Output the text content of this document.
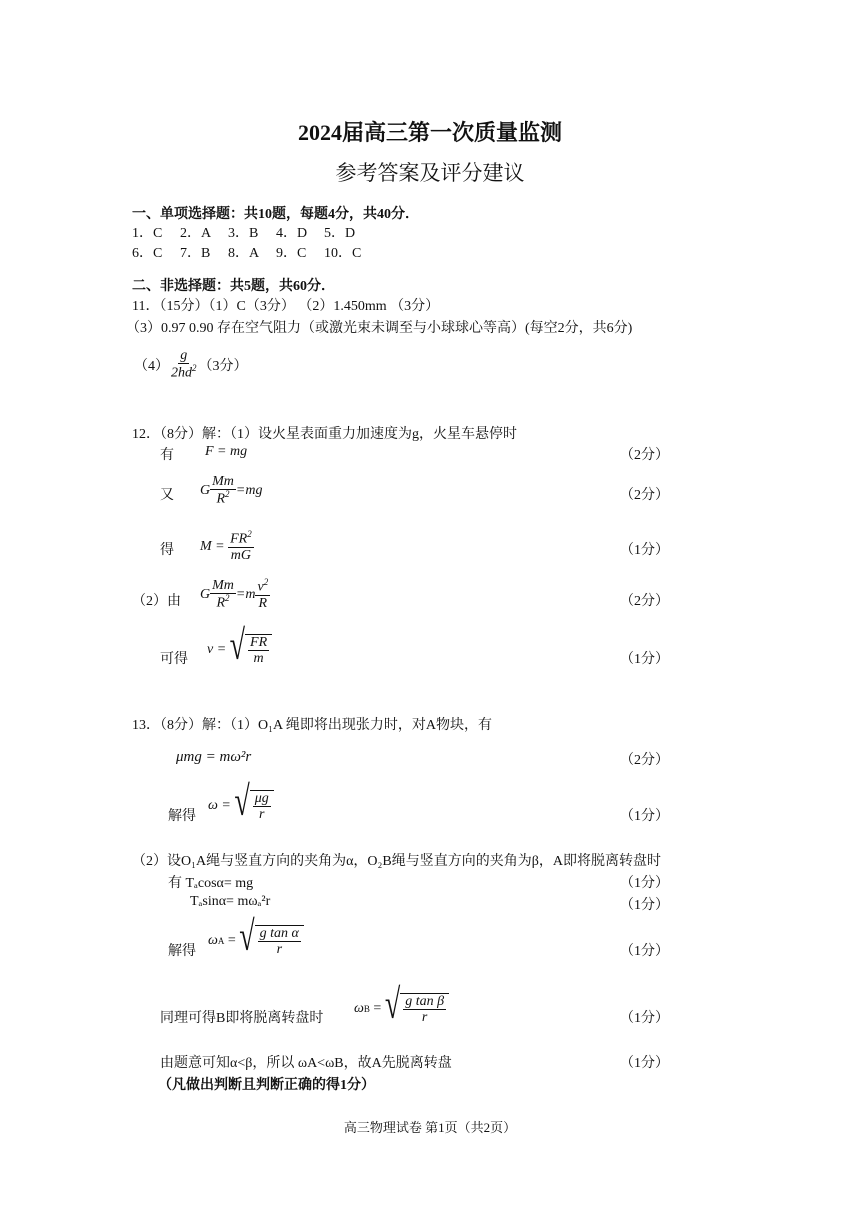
2024届高三第一次质量监测
参考答案及评分建议
一、单项选择题：共10题，每题4分，共40分．
1．C 2．A 3．B 4．D 5．D
6．C 7．B 8．A 9．C 10．C
二、非选择题：共5题，共60分．
11．（15分）（1）C（3分） （2）1.450mm （3分）
（3）0.97 0.90 存在空气阻力（或激光束未调至与小球球心等高）(每空2分，共6分)
$(4) \frac{g}{2hd^2} (3$分）
12．（8分）解：（1）设火星表面重力加速度为g，火星车悬停时
有 F = mg	（2分）
又 G $\frac{Mm}{R^2} =mg$	（2分）
得 M =
$\frac{FR^2}{mG}$	（1分）
（2）由 G $\frac{Mm}{R^2} =m \frac{v^2}{R}$	（2分）
可得
v =
√ $\frac{FR}{m}$	（1分）
13．（8分）解：（1）O₁A 绳即将出现张力时，对A物块，有
μmg = mω²r	（2分）
解得
ω =
√ $\frac{\mu g}{r}$	（1分）
（2）设O₁A绳与竖直方向的夹角为α，O₂B绳与竖直方向的夹角为β，A即将脱离转盘时
有 Tₐcosα= mg	（1分）
Tₐsinα= mωₐ²r	（1分）
解得
ω A = √ $\frac{\text{g tan α}}{r}$	（1分）
同理可得B即将脱离转盘时
ω B = √ $\frac{\text{g tan β}}{r}$	（1分）
由题意可知α<β，所以 ωA<ωB，故A先脱离转盘	（1分）
（凡做出判断且判断正确的得1分）
高三物理试卷 第1页（共2页）
